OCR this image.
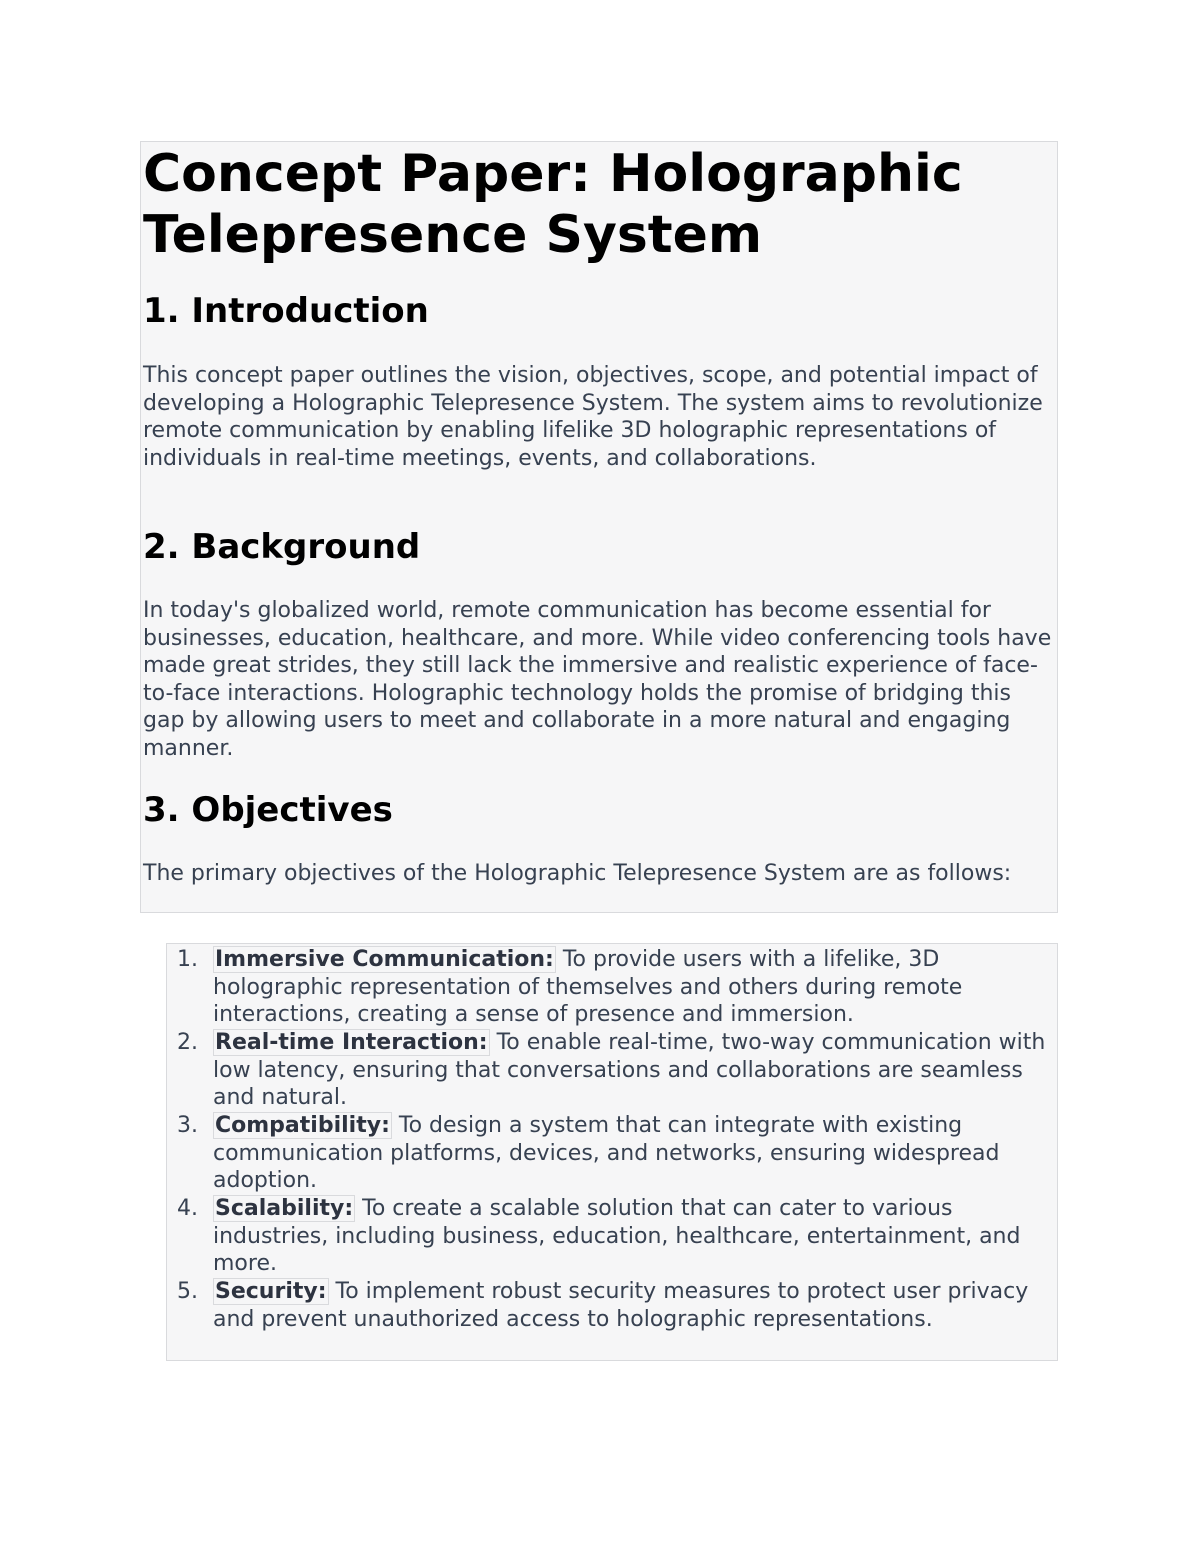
Concept Paper: Holographic Telepresence System
1. Introduction

This concept paper outlines the vision, objectives, scope, and potential impact of developing a Holographic Telepresence System. The system aims to revolutionize remote communication by enabling lifelike 3D holographic representations of individuals in real-time meetings, events, and collaborations.

2. Background

In today's globalized world, remote communication has become essential for businesses, education, healthcare, and more. While video conferencing tools have made great strides, they still lack the immersive and realistic experience of face-to-face interactions. Holographic technology holds the promise of bridging this gap by allowing users to meet and collaborate in a more natural and engaging manner.

3. Objectives

The primary objectives of the Holographic Telepresence System are as follows:

1. Immersive Communication: To provide users with a lifelike, 3D holographic representation of themselves and others during remote interactions, creating a sense of presence and immersion.
2. Real-time Interaction: To enable real-time, two-way communication with low latency, ensuring that conversations and collaborations are seamless and natural.
3. Compatibility: To design a system that can integrate with existing communication platforms, devices, and networks, ensuring widespread adoption.
4. Scalability: To create a scalable solution that can cater to various industries, including business, education, healthcare, entertainment, and more.
5. Security: To implement robust security measures to protect user privacy and prevent unauthorized access to holographic representations.
